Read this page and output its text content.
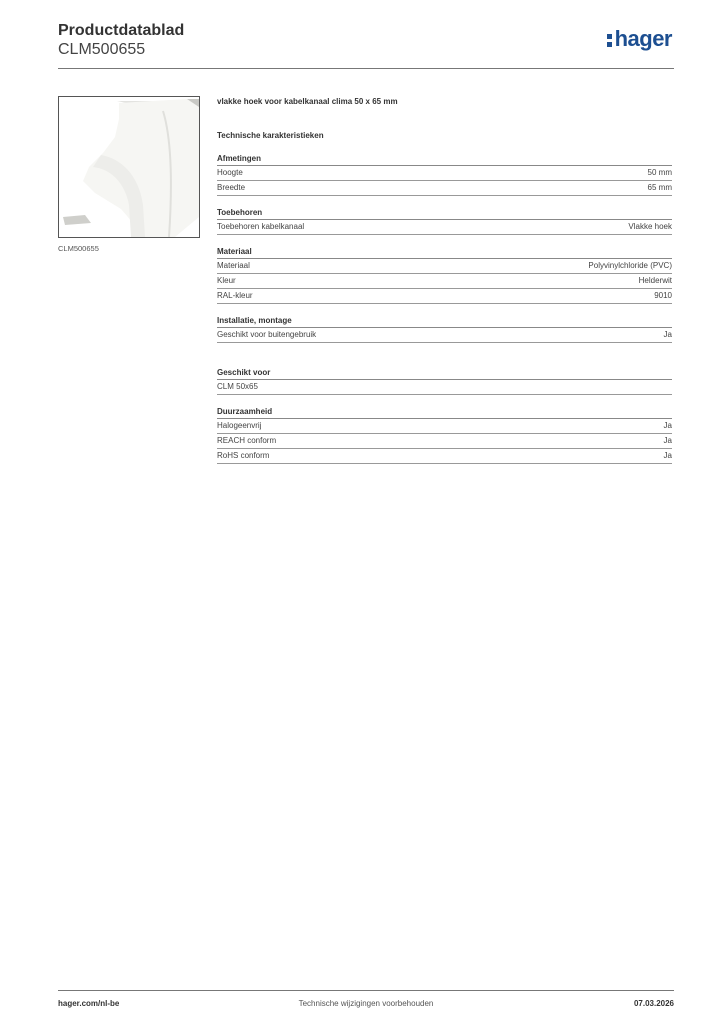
Productdatablad
CLM500655	hager
CLM500655
vlakke hoek voor kabelkanaal clima 50 x 65 mm
Technische karakteristieken
Afmetingen
Hoogte	50 mm
Breedte	65 mm
Toebehoren
Toebehoren kabelkanaal	Vlakke hoek
Materiaal
Materiaal	Polyvinylchloride (PVC)
Kleur	Helderwit
RAL-kleur	9010
Installatie, montage
Geschikt voor buitengebruik	Ja
Geschikt voor
CLM 50x65
Duurzaamheid
Halogeenvrij	Ja
REACH conform	Ja
RoHS conform	Ja
Technische wijzigingen voorbehouden
hager.com/nl-be	07.03.2026
